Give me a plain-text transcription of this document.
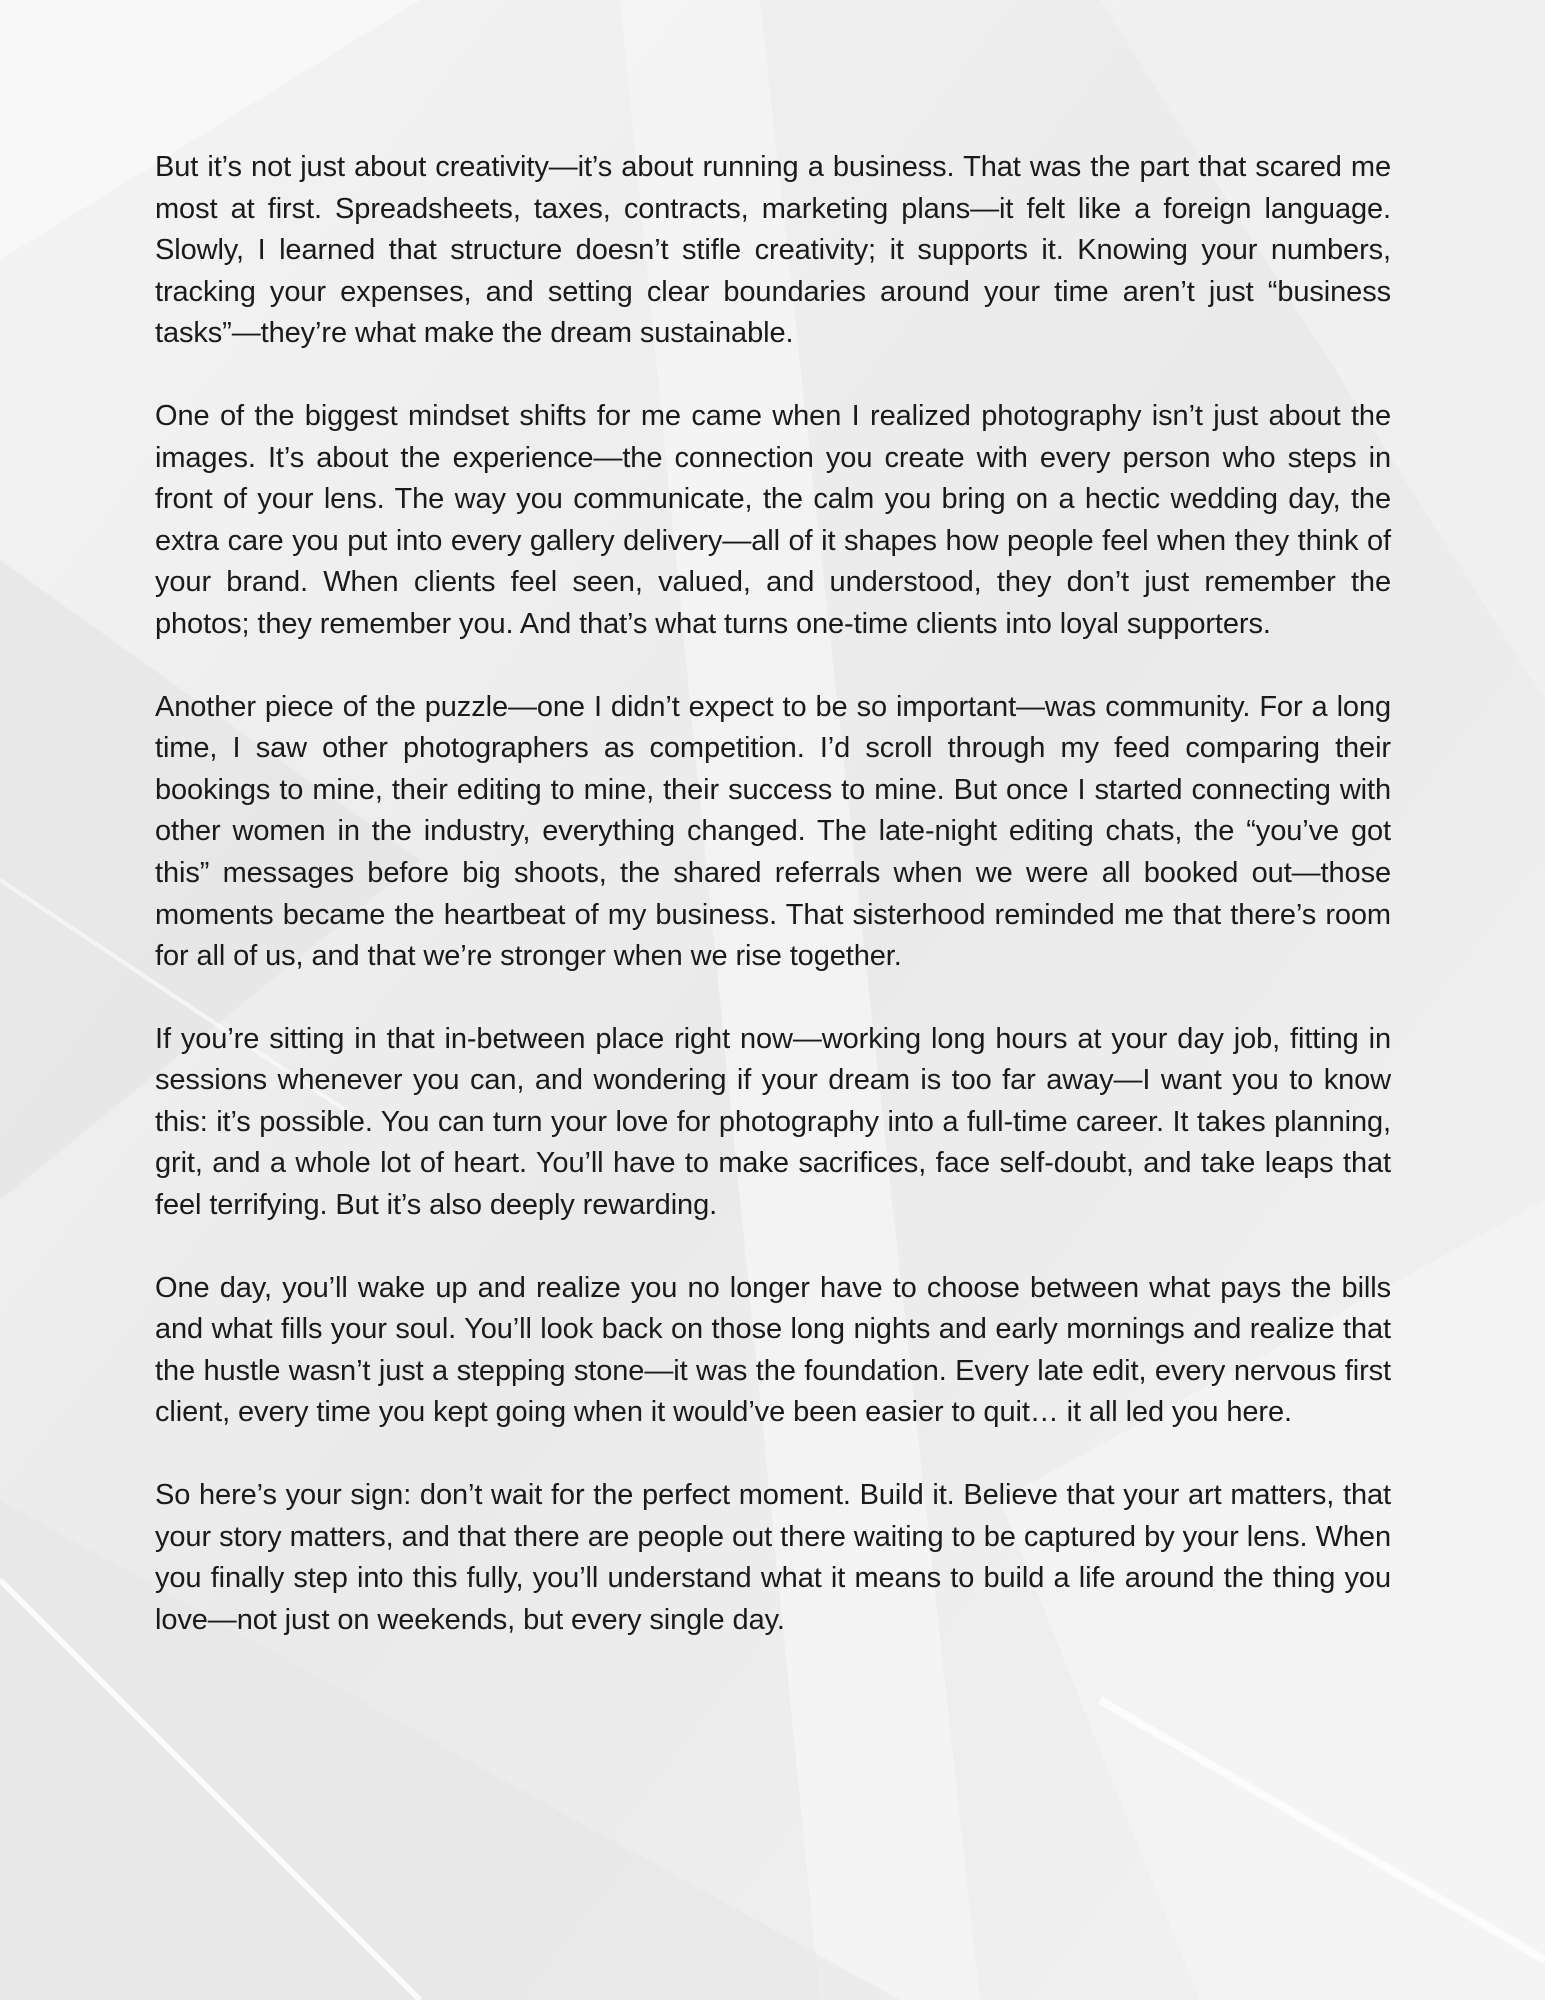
But it’s not just about creativity—it’s about running a business. That was the part that scared me most at first. Spreadsheets, taxes, contracts, marketing plans—it felt like a foreign language. Slowly, I learned that structure doesn’t stifle creativity; it supports it. Knowing your numbers, tracking your expenses, and setting clear boundaries around your time aren’t just “business tasks”—they’re what make the dream sustainable.

One of the biggest mindset shifts for me came when I realized photography isn’t just about the images. It’s about the experience—the connection you create with every person who steps in front of your lens. The way you communicate, the calm you bring on a hectic wedding day, the extra care you put into every gallery delivery—all of it shapes how people feel when they think of your brand. When clients feel seen, valued, and understood, they don’t just remember the photos; they remember you. And that’s what turns one-time clients into loyal supporters.

Another piece of the puzzle—one I didn’t expect to be so important—was community. For a long time, I saw other photographers as competition. I’d scroll through my feed comparing their bookings to mine, their editing to mine, their success to mine. But once I started connecting with other women in the industry, everything changed. The late-night editing chats, the “you’ve got this” messages before big shoots, the shared referrals when we were all booked out—those moments became the heartbeat of my business. That sisterhood reminded me that there’s room for all of us, and that we’re stronger when we rise together.

If you’re sitting in that in-between place right now—working long hours at your day job, fitting in sessions whenever you can, and wondering if your dream is too far away—I want you to know this: it’s possible. You can turn your love for photography into a full-time career. It takes planning, grit, and a whole lot of heart. You’ll have to make sacrifices, face self-doubt, and take leaps that feel terrifying. But it’s also deeply rewarding.

One day, you’ll wake up and realize you no longer have to choose between what pays the bills and what fills your soul. You’ll look back on those long nights and early mornings and realize that the hustle wasn’t just a stepping stone—it was the foundation. Every late edit, every nervous first client, every time you kept going when it would’ve been easier to quit… it all led you here.

So here’s your sign: don’t wait for the perfect moment. Build it. Believe that your art matters, that your story matters, and that there are people out there waiting to be captured by your lens. When you finally step into this fully, you’ll understand what it means to build a life around the thing you love—not just on weekends, but every single day.
